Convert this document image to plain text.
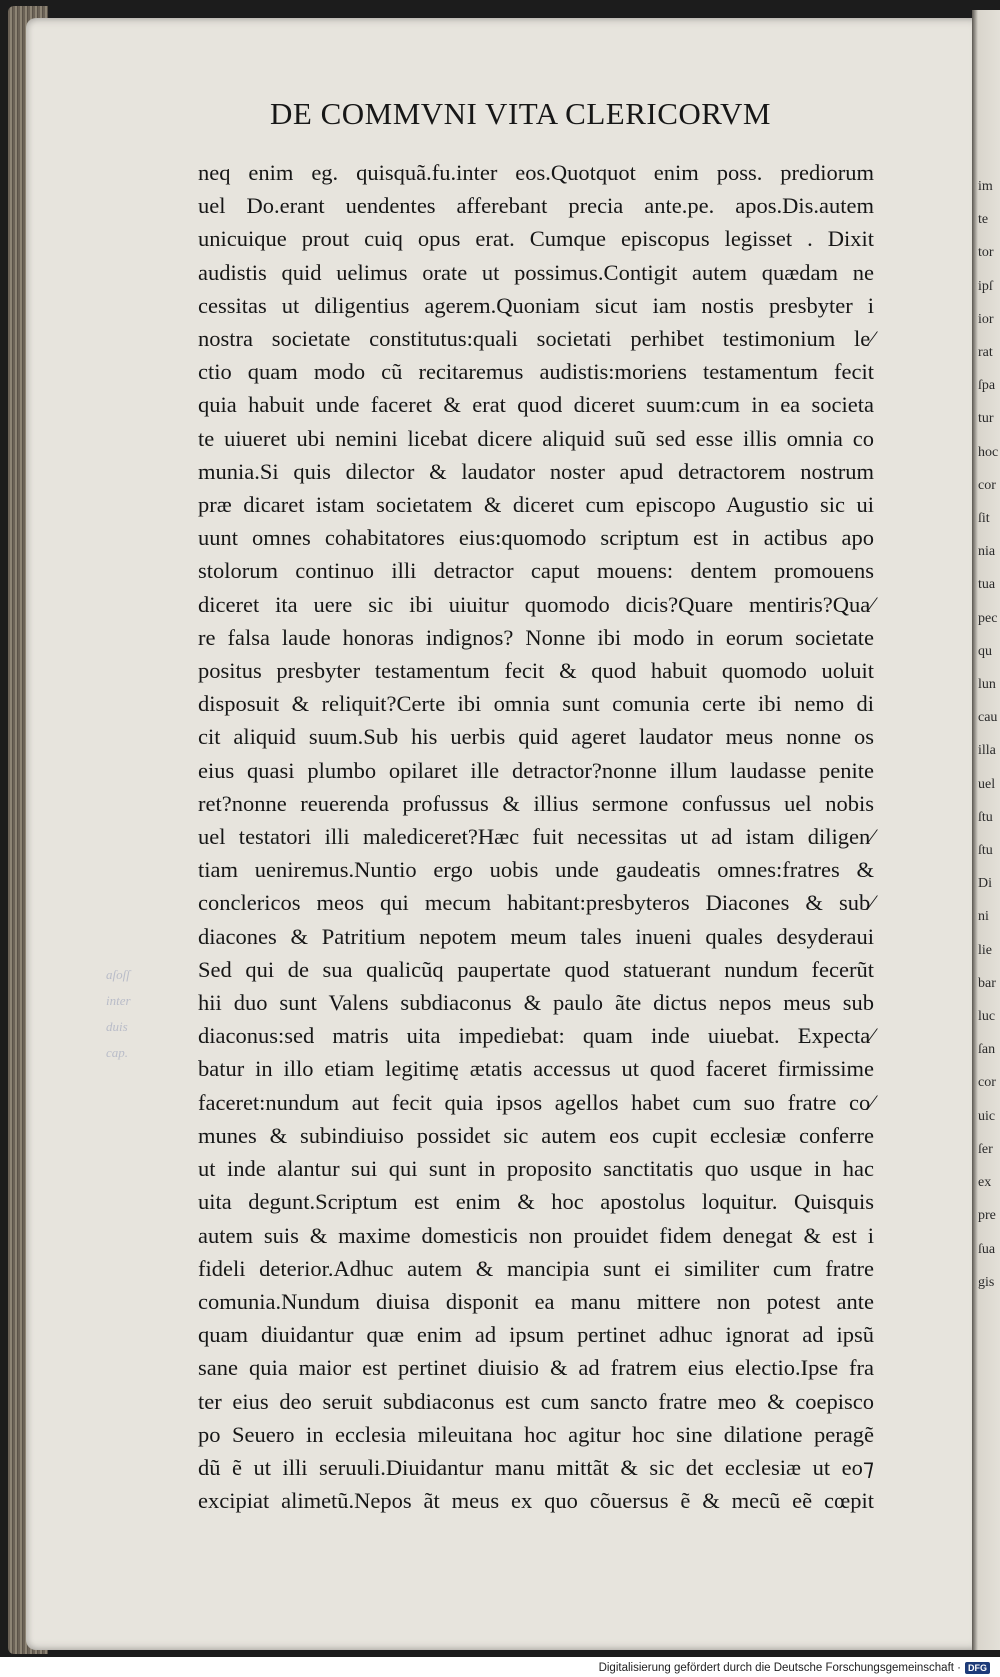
im
te
tor
ipſ
ior
rat
ſpa
tur
hoc
cor
ſit
nia
tua
pec
qu
lun
cau
illa
uel
ſtu
ſtu
Di
ni
lie
bar
luc
ſan
cor
uic
ſer
ex
pre
ſua
gis
DE COMMVNI VITA CLERICORVM
aſoſſ
inter
duis
cap.
neq enim eg. quisquã.fu.inter eos.Quotquot enim poss. prediorum
uel Do.erant uendentes afferebant precia ante.pe. apos.Dis.autem
unicuique prout cuiq opus erat. Cumque episcopus legisset . Dixit
audistis quid uelimus orate ut possimus.Contigit autem quædam ne
cessitas ut diligentius agerem.Quoniam sicut iam nostis presbyter i
nostra societate constitutus:quali societati perhibet testimonium le⁄
ctio quam modo cũ recitaremus audistis:moriens testamentum fecit
quia habuit unde faceret & erat quod diceret suum:cum in ea societa
te uiueret ubi nemini licebat dicere aliquid suũ sed esse illis omnia co
munia.Si quis dilector & laudator noster apud detractorem nostrum
præ dicaret istam societatem & diceret cum episcopo Augustio sic ui
uunt omnes cohabitatores eius:quomodo scriptum est in actibus apo
stolorum continuo illi detractor caput mouens: dentem promouens
diceret ita uere sic ibi uiuitur quomodo dicis?Quare mentiris?Qua⁄
re falsa laude honoras indignos? Nonne ibi modo in eorum societate
positus presbyter testamentum fecit & quod habuit quomodo uoluit
disposuit & reliquit?Certe ibi omnia sunt comunia certe ibi nemo di
cit aliquid suum.Sub his uerbis quid ageret laudator meus nonne os
eius quasi plumbo opilaret ille detractor?nonne illum laudasse penite
ret?nonne reuerenda profussus & illius sermone confussus uel nobis
uel testatori illi malediceret?Hæc fuit necessitas ut ad istam diligen⁄
tiam ueniremus.Nuntio ergo uobis unde gaudeatis omnes:fratres &
conclericos meos qui mecum habitant:presbyteros Diacones & sub⁄
diacones & Patritium nepotem meum tales inueni quales desyderaui
Sed qui de sua qualicũq paupertate quod statuerant nundum fecerũt
hii duo sunt Valens subdiaconus & paulo ãte dictus nepos meus sub
diaconus:sed matris uita impediebat: quam inde uiuebat. Expecta⁄
batur in illo etiam legitimę ætatis accessus ut quod faceret firmissime
faceret:nundum aut fecit quia ipsos agellos habet cum suo fratre co⁄
munes & subindiuiso possidet sic autem eos cupit ecclesiæ conferre
ut inde alantur sui qui sunt in proposito sanctitatis quo usque in hac
uita degunt.Scriptum est enim & hoc apostolus loquitur. Quisquis
autem suis & maxime domesticis non prouidet fidem denegat & est i
fideli deterior.Adhuc autem & mancipia sunt ei similiter cum fratre
comunia.Nundum diuisa disponit ea manu mittere non potest ante
quam diuidantur quæ enim ad ipsum pertinet adhuc ignorat ad ipsũ
sane quia maior est pertinet diuisio & ad fratrem eius electio.Ipse fra
ter eius deo seruit subdiaconus est cum sancto fratre meo & coepisco
po Seuero in ecclesia mileuitana hoc agitur hoc sine dilatione peragẽ
dũ ẽ ut illi seruuli.Diuidantur manu mittãt & sic det ecclesiæ ut eo⁊
excipiat alimetũ.Nepos ãt meus ex quo cõuersus ẽ & mecũ eẽ cœpit
Digitalisierung gefördert durch die Deutsche Forschungsgemeinschaft · DFG
